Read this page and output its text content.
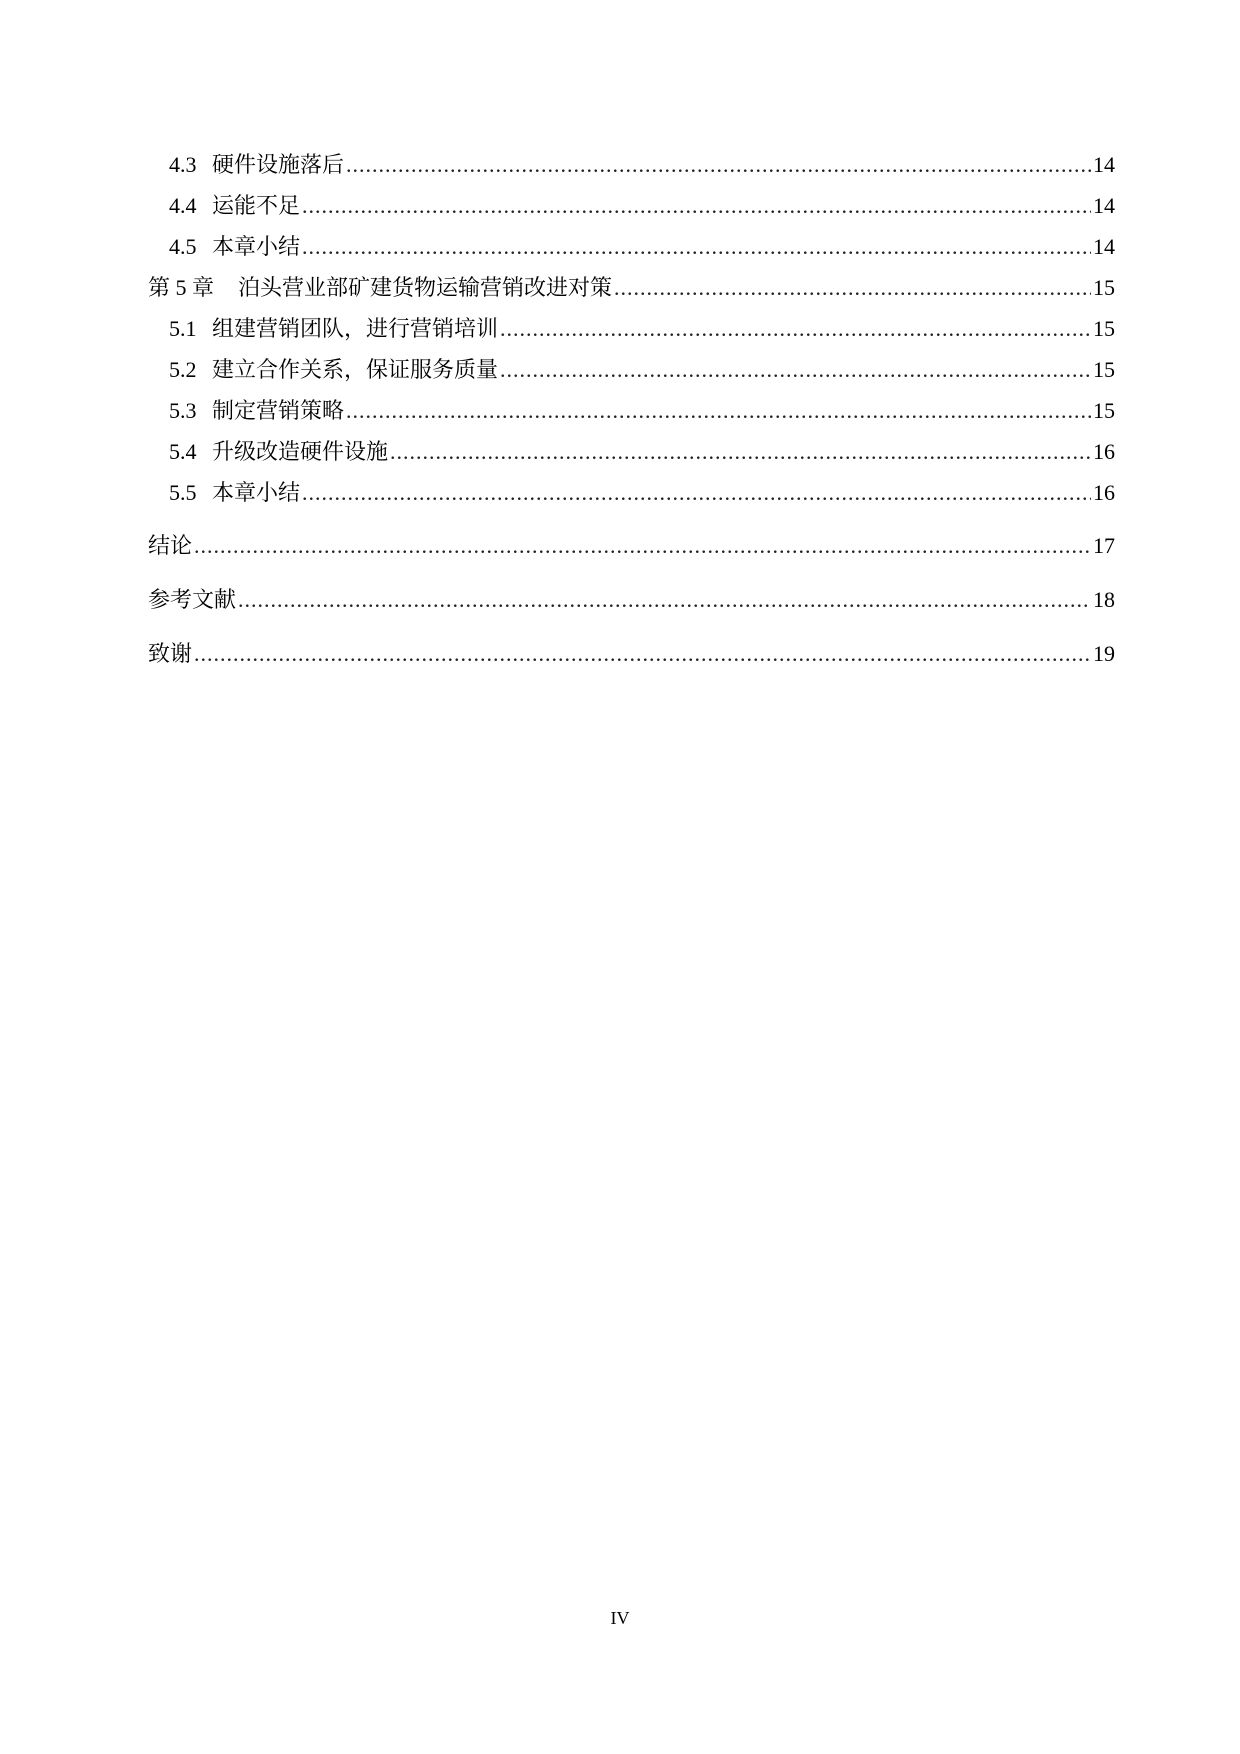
4.3 硬件设施落后 .....	14
4.4 运能不足 .....	14
4.5 本章小结 .....	14
第 5 章 泊头营业部矿建货物运输营销改进对策 .....	15
5.1 组建营销团队，进行营销培训 .....	15
5.2 建立合作关系，保证服务质量 .....	15
5.3 制定营销策略 .....	15
5.4 升级改造硬件设施 .....	16
5.5 本章小结 .....	16
结论 .....	17
参考文献 .....	18
致谢 .....	19
IV
